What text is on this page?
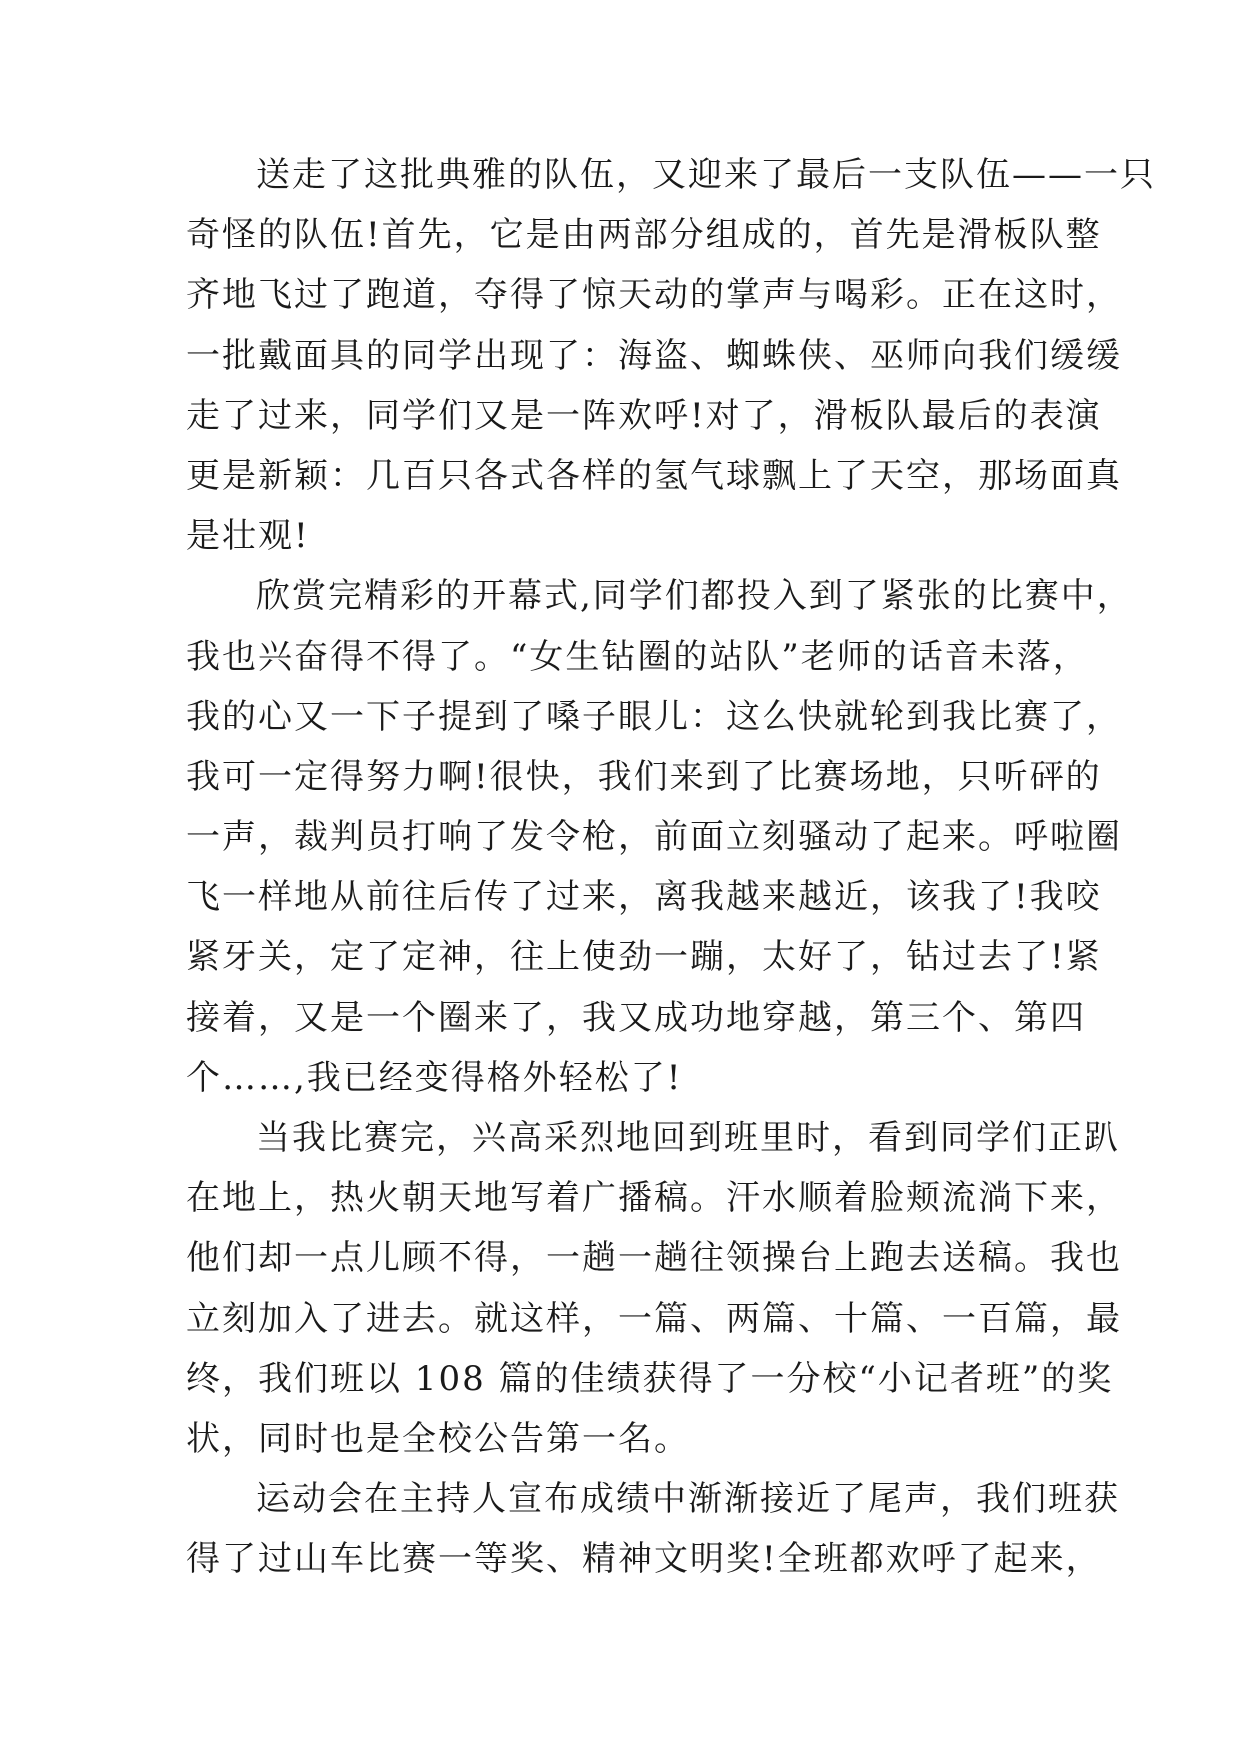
送走了这批典雅的队伍，又迎来了最后一支队伍——一只
奇怪的队伍!首先，它是由两部分组成的，首先是滑板队整
齐地飞过了跑道，夺得了惊天动的掌声与喝彩。正在这时，
一批戴面具的同学出现了：海盗、蜘蛛侠、巫师向我们缓缓
走了过来，同学们又是一阵欢呼!对了，滑板队最后的表演
更是新颖：几百只各式各样的氢气球飘上了天空，那场面真
是壮观!
欣赏完精彩的开幕式,同学们都投入到了紧张的比赛中，
我也兴奋得不得了。“女生钻圈的站队”老师的话音未落，
我的心又一下子提到了嗓子眼儿：这么快就轮到我比赛了，
我可一定得努力啊!很快，我们来到了比赛场地，只听砰的
一声，裁判员打响了发令枪，前面立刻骚动了起来。呼啦圈
飞一样地从前往后传了过来，离我越来越近，该我了!我咬
紧牙关，定了定神，往上使劲一蹦，太好了，钻过去了!紧
接着，又是一个圈来了，我又成功地穿越，第三个、第四
个……,我已经变得格外轻松了!
当我比赛完，兴高采烈地回到班里时，看到同学们正趴
在地上，热火朝天地写着广播稿。汗水顺着脸颊流淌下来，
他们却一点儿顾不得，一趟一趟往领操台上跑去送稿。我也
立刻加入了进去。就这样，一篇、两篇、十篇、一百篇，最
终，我们班以 108 篇的佳绩获得了一分校“小记者班”的奖
状，同时也是全校公告第一名。
运动会在主持人宣布成绩中渐渐接近了尾声，我们班获
得了过山车比赛一等奖、精神文明奖!全班都欢呼了起来，
